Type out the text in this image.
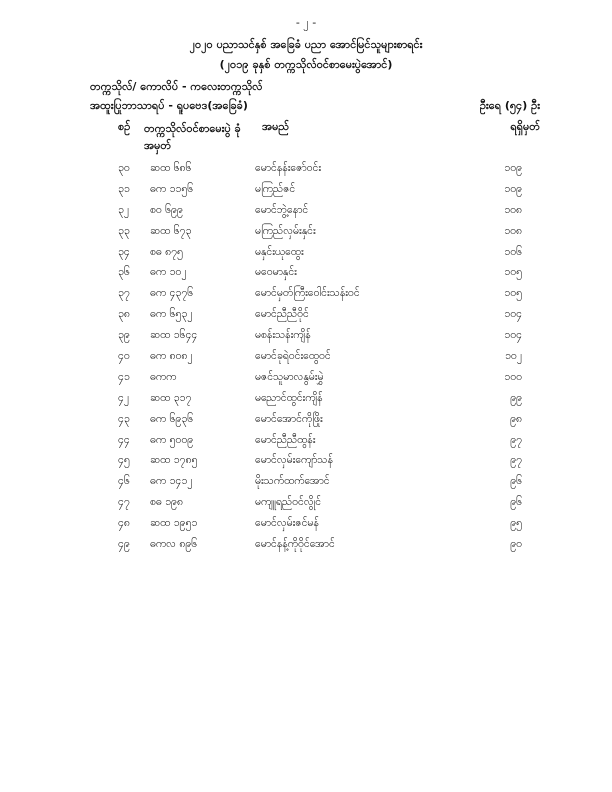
- ၂ -
၂၀၂၀ ပညာသင်နှစ် အခြေခံ ပညာ အောင်မြင်သူများစာရင်း
(၂၀၁၉ ခုနှစ် တက္ကသိုလ်ဝင်စာမေးပွဲအောင်)
တက္ကသိုလ်/ ကောလိပ် - ကလေးတက္ကသိုလ်
အထူးပြုဘာသာရပ် - ရူပဗေဒ(အခြေခံ)	ဦးရေ (၅၄) ဦး
စဉ် တက္ကသိုလ်ဝင်စာမေးပွဲ ခုံအမှတ်
အမည်	ရရှိမှတ်
၃၀ ဆထ ၆၈၆	မောင်နန်းဇော်ဝင်း	၁၀၉
၃၁ ဓက ၁၁၅၆	မကြည်ဇင်	၁၀၉
၃၂ စဝ ၆၉၉	မောင်ဘွဲ့နောင်	၁၀၈
၃၃ ဆထ ၆၇၃	မကြည်လှမ်းနှင်း	၁၀၈
၃၄ စဓ ၈၇၅	မနှင်းယုထွေး	၁၀၆
၃၆ ဓက ၁၀၂	မဝေမာနှင်း	၁၀၅
၃၇ ဓက ၄၃၇၆	မောင်မှတ်ကြီးဝေါင်းသန်းဝင်	၁၀၅
၃၈ ဓက ၆၅၃၂	မောင်ညီညီဝိုင်	၁၀၄
၃၉ ဆထ ၁၆၄၄	မစန်းသန်းကျိန်	၁၀၄
၄၀ ဓက ၈၀၈၂	မောင်ခုရဲဝင်းထွေဝင်	၁၀၂
၄၁ ဓကက	မဇင်သူမာလနွမ်းမွှဲ	၁၀၀
၄၂ ဆထ ၃၁၇	မညောင်ထွင်းကျိန်	၉၉
၄၃ ဓက ၆၉၃၆	မောင်အောင်ကိုဖြိုး	၉၈
၄၄ ဓက ၅၀၀၉	မောင်ညီညီထွန်း	၉၇
၄၅ ဆထ ၁၇၈၅	မောင်လှမ်းကျော်သန်	၉၇
၄၆ ဓက ၁၄၁၂	မိုးသက်ထက်အောင်	၉၆
၄၇ စဓ ၁၉၈	မကျူရည်ဝင်လွိုင်	၉၆
၄၈ ဆထ ၁၉၅၁	မောင်လှမ်းဇင်မန်	၉၅
၄၉ ဓကလ ၈၉၆	မောင်နန့်ကိုဝိုင်အောင်	၉၀
